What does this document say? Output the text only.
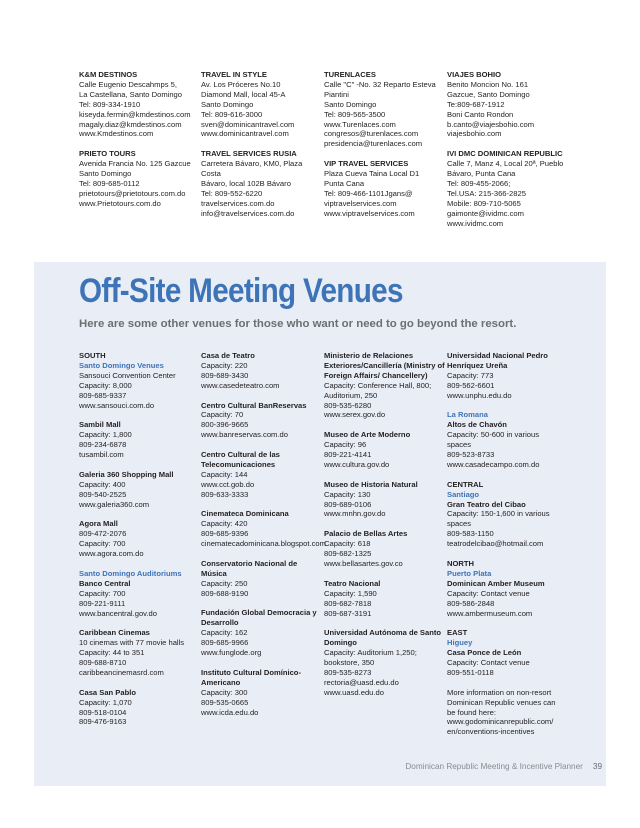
K&M DESTINOS
Calle Eugenio Descahmps 5,
La Castellana, Santo Domingo
Tel: 809-334-1910
kiseyda.fermin@kmdestinos.com
magaly.diaz@kmdestinos.com
www.Kmdestinos.com
PRIETO TOURS
Avenida Francia No. 125 Gazcue
Santo Domingo
Tel: 809-685-0112
prietotours@prietotours.com.do
www.Prietotours.com.do
TRAVEL IN STYLE
Av. Los Próceres No.10
Diamond Mall, local 45-A
Santo Domingo
Tel: 809-616-3000
sven@dominicantravel.com
www.dominicantravel.com
TRAVEL SERVICES RUSIA
Carretera Bávaro, KM0, Plaza
Costa
Bávaro, local 102B Bávaro
Tel: 809-552-6220
travelservices.com.do
info@travelservices.com.do
TURENLACES
Calle "C" -No. 32 Reparto Esteva
Piantini
Santo Domingo
Tel: 809-565-3500
www.Turenlaces.com
congresos@turenlaces.com
presidencia@turenlaces.com
VIP TRAVEL SERVICES
Plaza Cueva Taina Local D1
Punta Cana
Tel: 809-466-1101Jgans@
viptravelservices.com
www.viptravelservices.com
VIAJES BOHIO
Benito Moncion No. 161
Gazcue, Santo Domingo
Te:809-687-1912
Boni Canto Rondon
b.canto@viajesbohio.com
viajesbohio.com
IVI DMC DOMINICAN REPUBLIC
Calle 7, Manz 4, Local 20ª, Pueblo
Bávaro, Punta Cana
Tel: 809-455-2066;
Tel.USA: 215-366-2825
Mobile: 809-710-5065
gaimonte@ividmc.com
www.ividmc.com
Off-Site Meeting Venues
Here are some other venues for those who want or need to go beyond the resort.
SOUTH
Santo Domingo Venues
Sansouci Convention Center
Capacity: 8,000
809-685-9337
www.sansouci.com.do
Sambil Mall
Capacity: 1,800
809-234-6878
tusambil.com
Galeria 360 Shopping Mall
Capacity: 400
809-540-2525
www.galeria360.com
Agora Mall
809-472-2076
Capacity: 700
www.agora.com.do
Santo Domingo Auditoriums
Banco Central
Capacity: 700
809-221-9111
www.bancentral.gov.do
Caribbean Cinemas
10 cinemas with 77 movie halls
Capacity: 44 to 351
809-688-8710
caribbeancinemasrd.com
Casa San Pablo
Capacity: 1,070
809-518-0104
809-476-9163
Casa de Teatro
Capacity: 220
809-689-3430
www.casedeteatro.com
Centro Cultural BanReservas
Capacity: 70
800-396-9665
www.banreservas.com.do
Centro Cultural de las Telecomunicaciones
Capacity: 144
www.cct.gob.do
809-633-3333
Cinemateca Dominicana
Capacity: 420
809-685-9396
cinematecadominicana.blogspot.com
Conservatorio Nacional de Música
Capacity: 250
809-688-9190
Fundación Global Democracia y Desarrollo
Capacity: 162
809-685-9966
www.funglode.org
Instituto Cultural Domínico-Americano
Capacity: 300
809-535-0665
www.icda.edu.do
Ministerio de Relaciones Exteriores/Cancillería (Ministry of Foreign Affairs/ Chancellery)
Capacity: Conference Hall, 800;
Auditorium, 250
809-535-6280
www.serex.gov.do
Museo de Arte Moderno
Capacity: 96
809-221-4141
www.cultura.gov.do
Museo de Historia Natural
Capacity: 130
809-689-0106
www.mnhn.gov.do
Palacio de Bellas Artes
Capacity: 618
809-682-1325
www.bellasartes.gov.co
Teatro Nacional
Capacity: 1,590
809-682-7818
809-687-3191
Universidad Autónoma de Santo Domingo
Capacity: Auditorium 1,250;
bookstore, 350
809-535-8273
rectoria@uasd.edu.do
www.uasd.edu.do
Universidad Nacional Pedro Henríquez Ureña
Capacity: 773
809-562-6601
www.unphu.edu.do
La Romana
Altos de Chavón
Capacity: 50-600 in various
spaces
809-523-8733
www.casadecampo.com.do
CENTRAL
Santiago
Gran Teatro del Cibao
Capacity: 150-1,600 in various
spaces
809-583-1150
teatrodelcibao@hotmail.com
NORTH
Puerto Plata
Dominican Amber Museum
Capacity: Contact venue
809-586-2848
www.ambermuseum.com
EAST
Higuey
Casa Ponce de León
Capacity: Contact venue
809-551-0118
More information on non-resort
Dominican Republic venues can
be found here:
www.godominicanrepublic.com/
en/conventions-incentives
Dominican Republic Meeting & Incentive Planner 39
